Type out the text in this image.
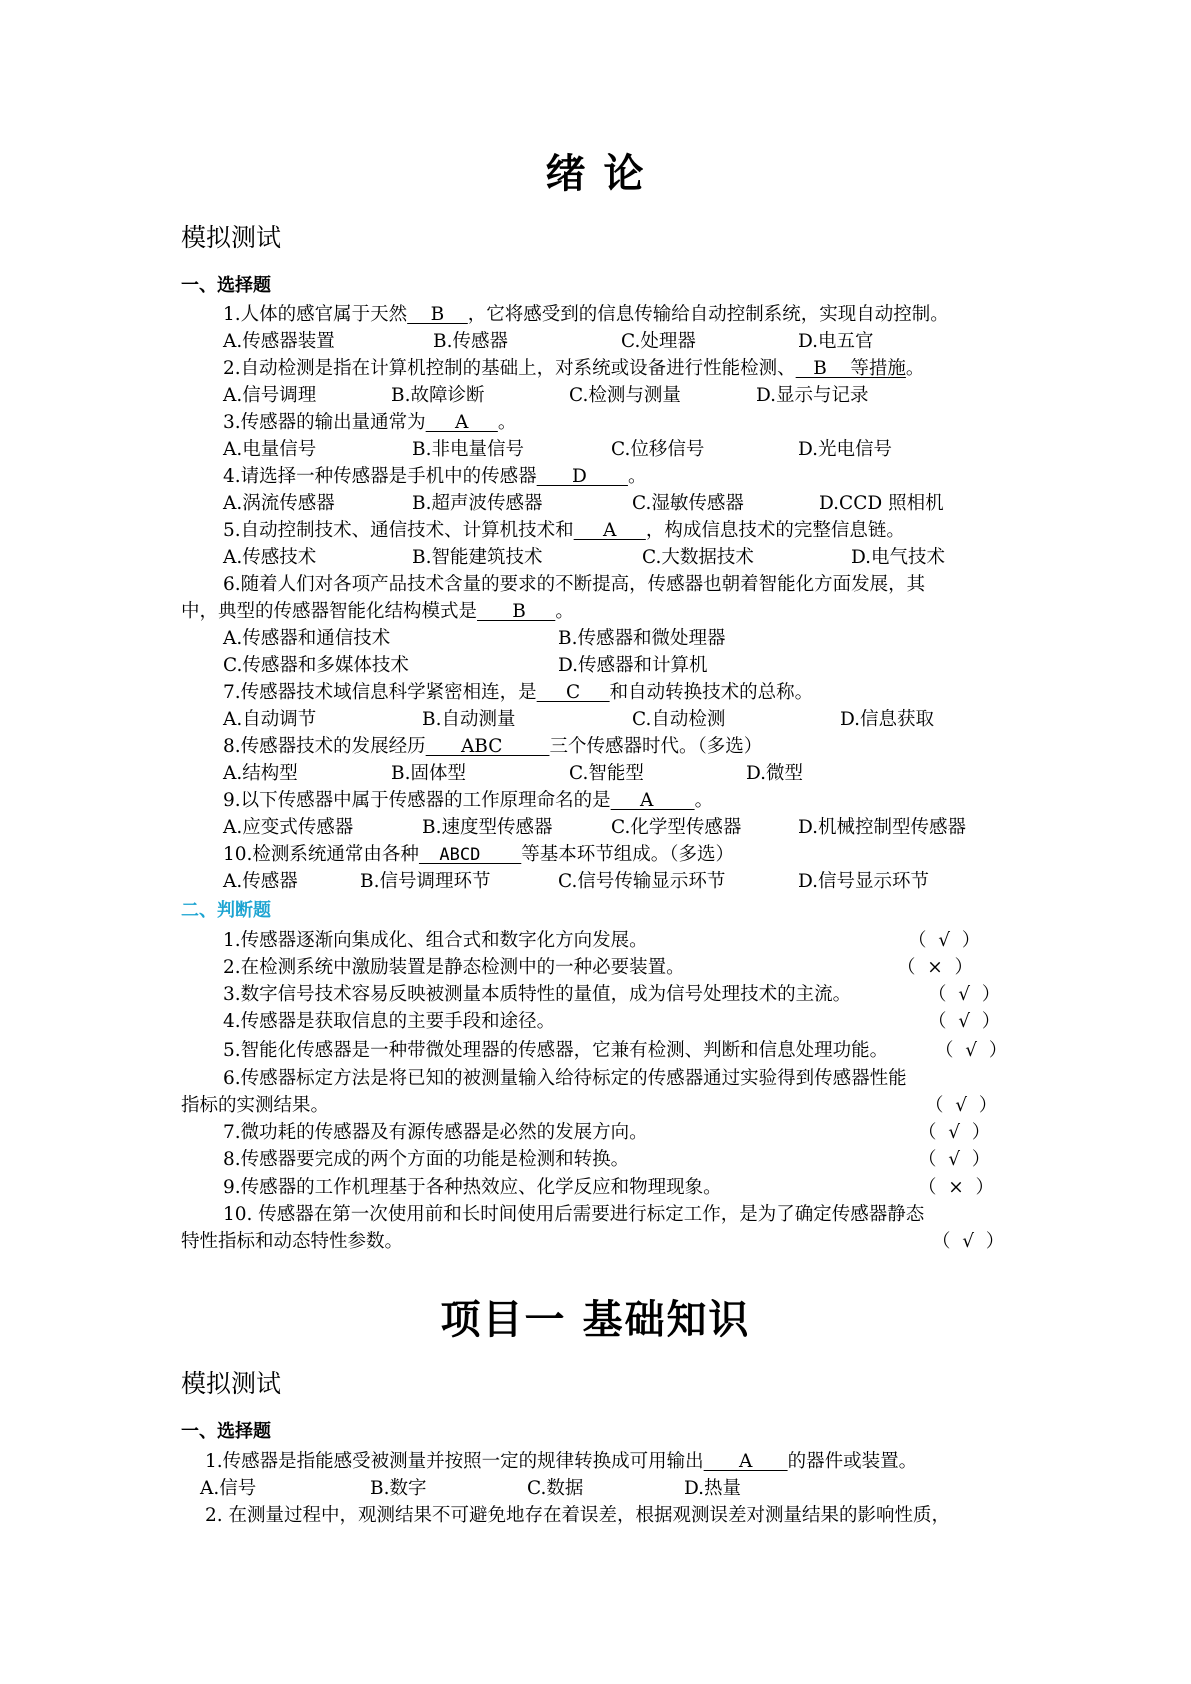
绪 论
模拟测试
一、选择题
1.人体的感官属于天然    B    ，它将感受到的信息传输给自动控制系统，实现自动控制。
A.传感器装置	B.传感器	C.处理器	D.电五官
2.自动检测是指在计算机控制的基础上，对系统或设备进行性能检测、   B    等措施。
A.信号调理	B.故障诊断	C.检测与测量	D.显示与记录
3.传感器的输出量通常为     A     。
A.电量信号	B.非电量信号	C.位移信号	D.光电信号
4.请选择一种传感器是手机中的传感器      D       。
A.涡流传感器	B.超声波传感器	C.湿敏传感器	D.CCD 照相机
5.自动控制技术、通信技术、计算机技术和     A     ，构成信息技术的完整信息链。
A.传感技术	B.智能建筑技术	C.大数据技术	D.电气技术
6.随着人们对各项产品技术含量的要求的不断提高，传感器也朝着智能化方面发展，其
中，典型的传感器智能化结构模式是      B     。
A.传感器和通信技术	B.传感器和微处理器
C.传感器和多媒体技术	D.传感器和计算机
7.传感器技术域信息科学紧密相连，是     C     和自动转换技术的总称。
A.自动调节	B.自动测量	C.自动检测	D.信息获取
8.传感器技术的发展经历      ABC        三个传感器时代。（多选）
A.结构型	B.固体型	C.智能型	D.微型
9.以下传感器中属于传感器的工作原理命名的是     A       。
A.应变式传感器	B.速度型传感器	C.化学型传感器	D.机械控制型传感器
10.检测系统通常由各种  ABCD    等基本环节组成。（多选）
A.传感器	B.信号调理环节	C.信号传输显示环节	D.信号显示环节
二、判断题
1.传感器逐渐向集成化、组合式和数字化方向发展。	（  √  ）
2.在检测系统中激励装置是静态检测中的一种必要装置。	（  ×  ）
3.数字信号技术容易反映被测量本质特性的量值，成为信号处理技术的主流。	（  √  ）
4.传感器是获取信息的主要手段和途径。	（  √  ）
5.智能化传感器是一种带微处理器的传感器，它兼有检测、判断和信息处理功能。	（  √  ）
6.传感器标定方法是将已知的被测量输入给待标定的传感器通过实验得到传感器性能
指标的实测结果。	（  √  ）
7.微功耗的传感器及有源传感器是必然的发展方向。	（  √  ）
8.传感器要完成的两个方面的功能是检测和转换。	（  √  ）
9.传感器的工作机理基于各种热效应、化学反应和物理现象。	（  ×  ）
10. 传感器在第一次使用前和长时间使用后需要进行标定工作，是为了确定传感器静态
特性指标和动态特性参数。	（  √  ）
项目一 基础知识
模拟测试
一、选择题
1.传感器是指能感受被测量并按照一定的规律转换成可用输出      A      的器件或装置。
A.信号	B.数字	C.数据	D.热量
2. 在测量过程中，观测结果不可避免地存在着误差，根据观测误差对测量结果的影响性质，
